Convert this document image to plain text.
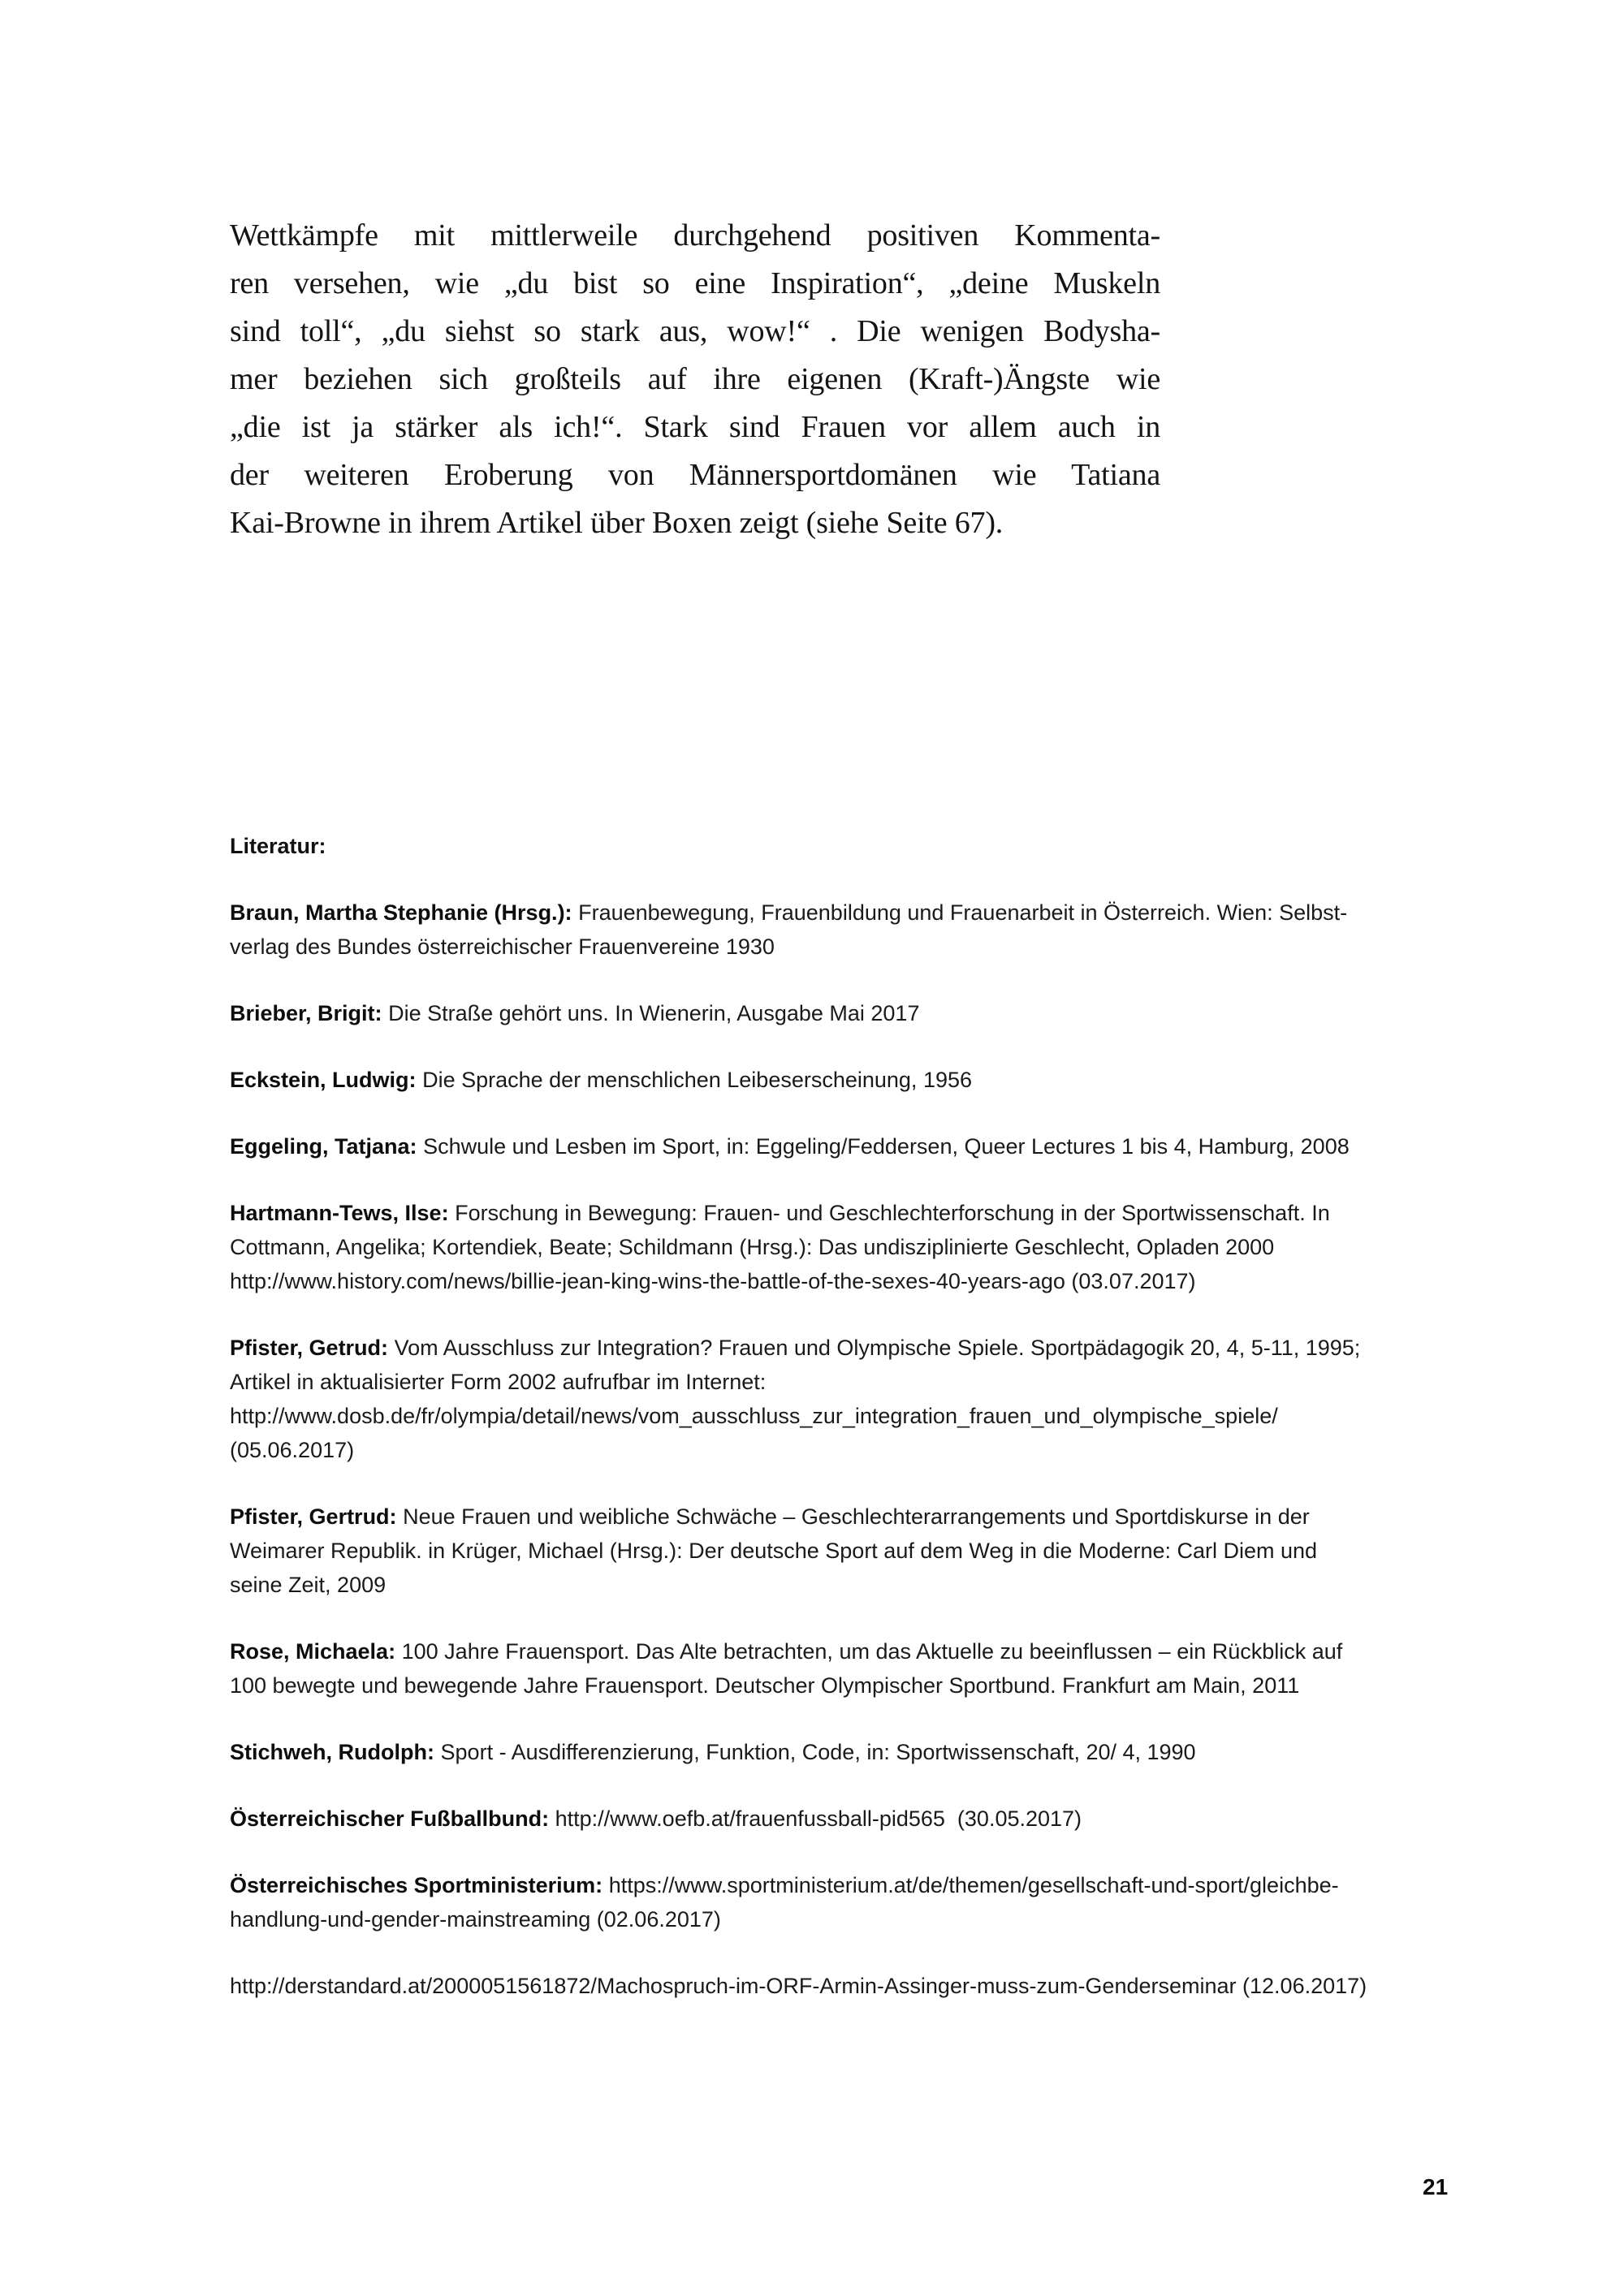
Wettkämpfe mit mittlerweile durchgehend positiven Kommenta-
ren versehen, wie „du bist so eine Inspiration“, „deine Muskeln
sind toll“, „du siehst so stark aus, wow!“ . Die wenigen Bodysha-
mer beziehen sich großteils auf ihre eigenen (Kraft-)Ängste wie
„die ist ja stärker als ich!“. Stark sind Frauen vor allem auch in
der weiteren Eroberung von Männersportdomänen wie Tatiana
Kai-Browne in ihrem Artikel über Boxen zeigt (siehe Seite 67).

Literatur:

Braun, Martha Stephanie (Hrsg.): Frauenbewegung, Frauenbildung und Frauenarbeit in Österreich. Wien: Selbst-
verlag des Bundes österreichischer Frauenvereine 1930

Brieber, Brigit: Die Straße gehört uns. In Wienerin, Ausgabe Mai 2017

Eckstein, Ludwig: Die Sprache der menschlichen Leibeserscheinung, 1956

Eggeling, Tatjana: Schwule und Lesben im Sport, in: Eggeling/Feddersen, Queer Lectures 1 bis 4, Hamburg, 2008

Hartmann-Tews, Ilse: Forschung in Bewegung: Frauen- und Geschlechterforschung in der Sportwissenschaft. In
Cottmann, Angelika; Kortendiek, Beate; Schildmann (Hrsg.): Das undisziplinierte Geschlecht, Opladen 2000
http://www.history.com/news/billie-jean-king-wins-the-battle-of-the-sexes-40-years-ago (03.07.2017)

Pfister, Getrud: Vom Ausschluss zur Integration? Frauen und Olympische Spiele. Sportpädagogik 20, 4, 5-11, 1995;
Artikel in aktualisierter Form 2002 aufrufbar im Internet:
http://www.dosb.de/fr/olympia/detail/news/vom_ausschluss_zur_integration_frauen_und_olympische_spiele/
(05.06.2017)

Pfister, Gertrud: Neue Frauen und weibliche Schwäche – Geschlechterarrangements und Sportdiskurse in der
Weimarer Republik. in Krüger, Michael (Hrsg.): Der deutsche Sport auf dem Weg in die Moderne: Carl Diem und
seine Zeit, 2009

Rose, Michaela: 100 Jahre Frauensport. Das Alte betrachten, um das Aktuelle zu beeinflussen – ein Rückblick auf
100 bewegte und bewegende Jahre Frauensport. Deutscher Olympischer Sportbund. Frankfurt am Main, 2011

Stichweh, Rudolph: Sport - Ausdifferenzierung, Funktion, Code, in: Sportwissenschaft, 20/ 4, 1990

Österreichischer Fußballbund: http://www.oefb.at/frauenfussball-pid565  (30.05.2017)

Österreichisches Sportministerium: https://www.sportministerium.at/de/themen/gesellschaft-und-sport/gleichbe-
handlung-und-gender-mainstreaming (02.06.2017)

http://derstandard.at/2000051561872/Machospruch-im-ORF-Armin-Assinger-muss-zum-Genderseminar (12.06.2017)

21
